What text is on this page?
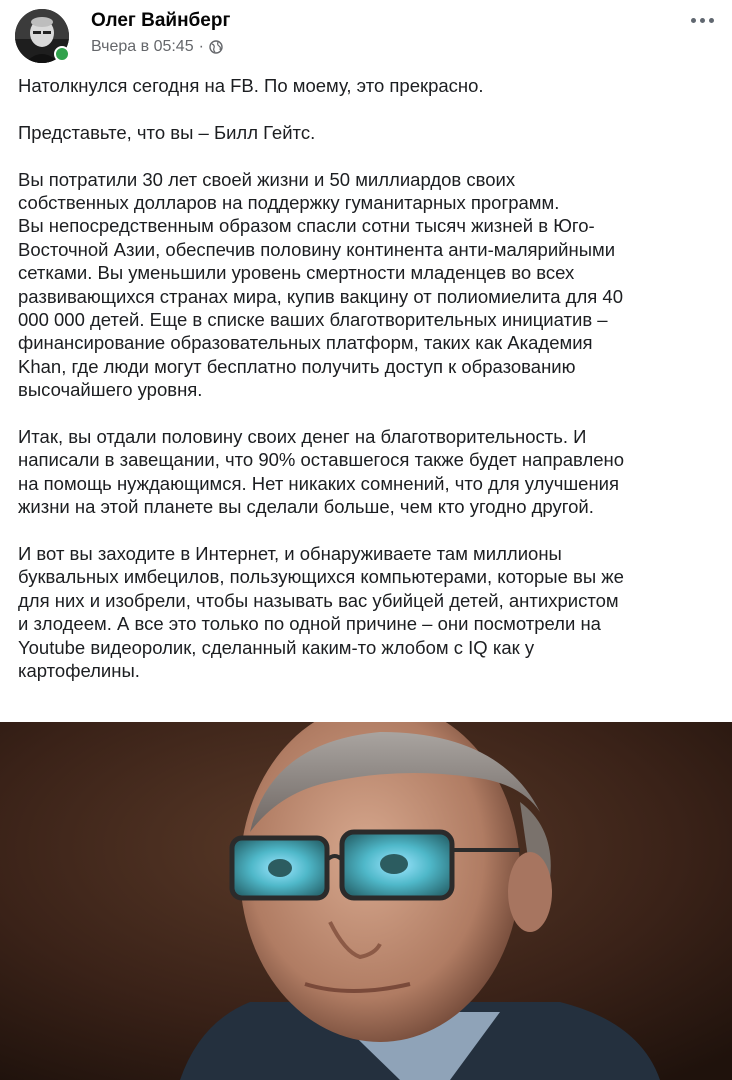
Олег Вайнберг
Вчера в 05:45 ·

Натолкнулся сегодня на FB. По моему, это прекрасно.

Представьте, что вы – Билл Гейтс.

Вы потратили 30 лет своей жизни и 50 миллиардов своих
собственных долларов на поддержку гуманитарных программ.
Вы непосредственным образом спасли сотни тысяч жизней в Юго-
Восточной Азии, обеспечив половину континента анти-малярийными
сетками. Вы уменьшили уровень смертности младенцев во всех
развивающихся странах мира, купив вакцину от полиомиелита для 40
000 000 детей. Еще в списке ваших благотворительных инициатив –
финансирование образовательных платформ, таких как Академия
Khan, где люди могут бесплатно получить доступ к образованию
высочайшего уровня.

Итак, вы отдали половину своих денег на благотворительность. И
написали в завещании, что 90% оставшегося также будет направлено
на помощь нуждающимся. Нет никаких сомнений, что для улучшения
жизни на этой планете вы сделали больше, чем кто угодно другой.

И вот вы заходите в Интернет, и обнаруживаете там миллионы
буквальных имбецилов, пользующихся компьютерами, которые вы же
для них и изобрели, чтобы называть вас убийцей детей, антихристом
и злодеем. А все это только по одной причине – они посмотрели на
Youtube видеоролик, сделанный каким-то жлобом с IQ как у
картофелины.
